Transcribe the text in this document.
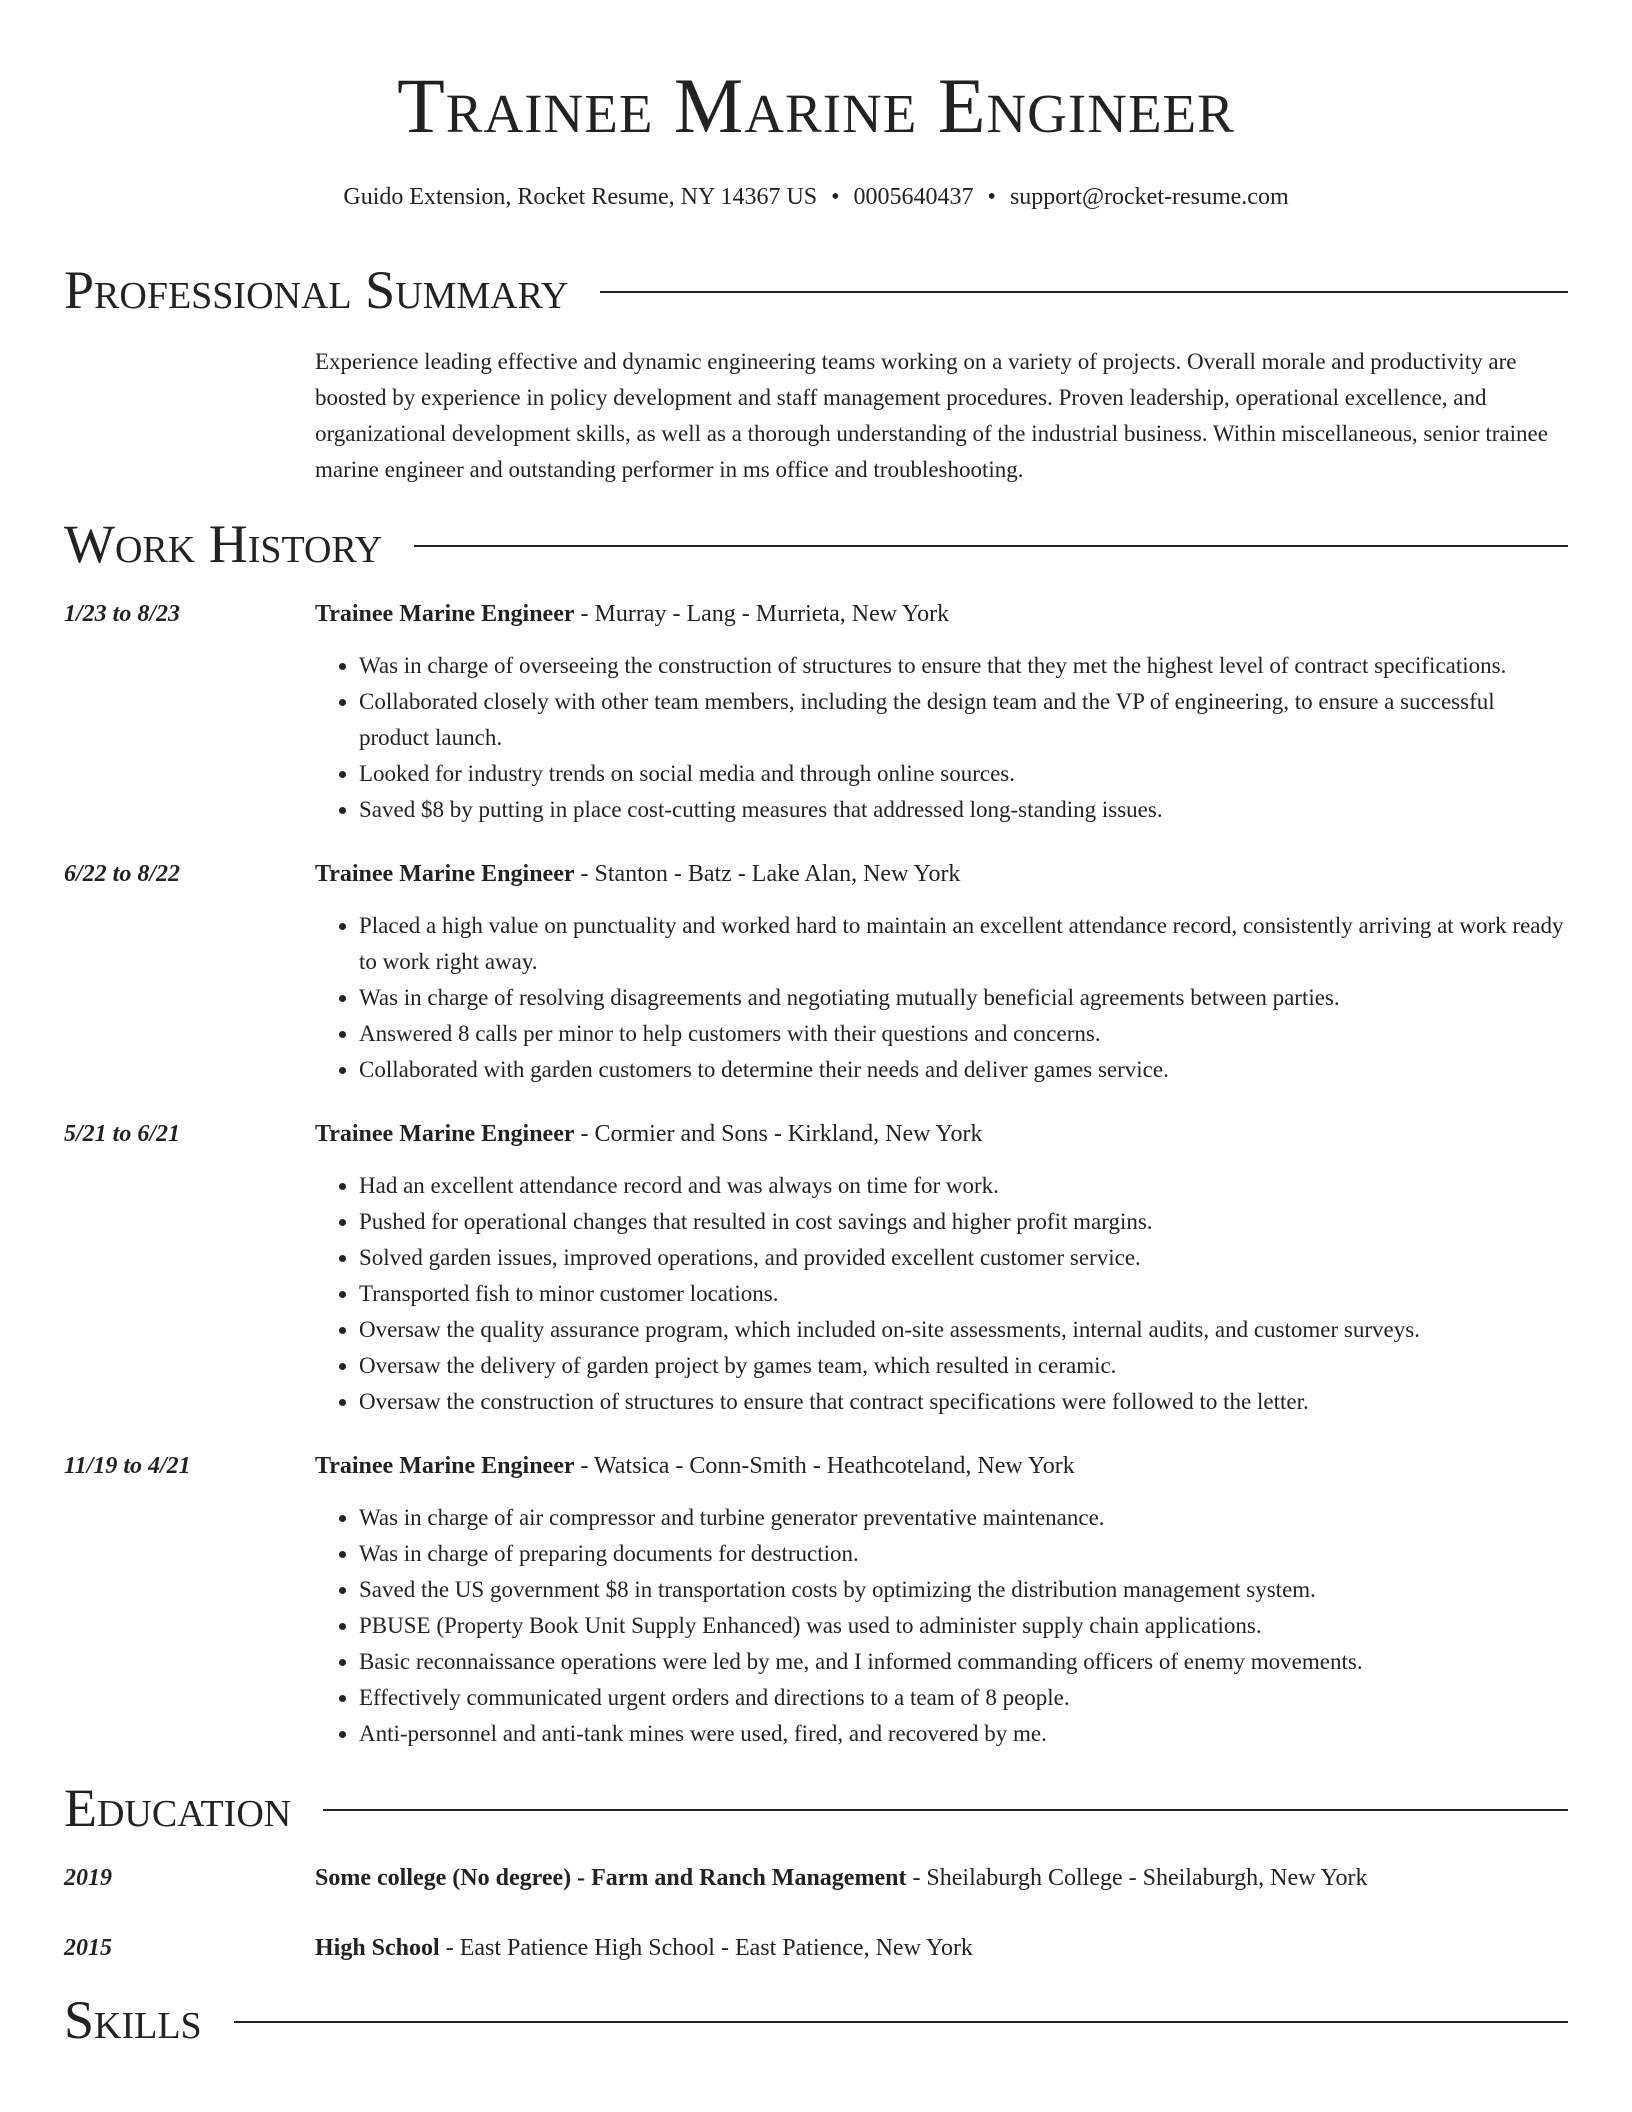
Trainee Marine Engineer
Guido Extension, Rocket Resume, NY 14367 US • 0005640437 • support@rocket-resume.com
Professional Summary

Experience leading effective and dynamic engineering teams working on a variety of projects. Overall morale and productivity are boosted by experience in policy development and staff management procedures. Proven leadership, operational excellence, and organizational development skills, as well as a thorough understanding of the industrial business. Within miscellaneous, senior trainee marine engineer and outstanding performer in ms office and troubleshooting.

Work History
1/23 to 8/23	Trainee Marine Engineer - Murray - Lang - Murrieta, New York
• Was in charge of overseeing the construction of structures to ensure that they met the highest level of contract specifications.
• Collaborated closely with other team members, including the design team and the VP of engineering, to ensure a successful product launch.
• Looked for industry trends on social media and through online sources.
• Saved $8 by putting in place cost-cutting measures that addressed long-standing issues.
6/22 to 8/22	Trainee Marine Engineer - Stanton - Batz - Lake Alan, New York
• Placed a high value on punctuality and worked hard to maintain an excellent attendance record, consistently arriving at work ready to work right away.
• Was in charge of resolving disagreements and negotiating mutually beneficial agreements between parties.
• Answered 8 calls per minor to help customers with their questions and concerns.
• Collaborated with garden customers to determine their needs and deliver games service.
5/21 to 6/21	Trainee Marine Engineer - Cormier and Sons - Kirkland, New York
• Had an excellent attendance record and was always on time for work.
• Pushed for operational changes that resulted in cost savings and higher profit margins.
• Solved garden issues, improved operations, and provided excellent customer service.
• Transported fish to minor customer locations.
• Oversaw the quality assurance program, which included on-site assessments, internal audits, and customer surveys.
• Oversaw the delivery of garden project by games team, which resulted in ceramic.
• Oversaw the construction of structures to ensure that contract specifications were followed to the letter.
11/19 to 4/21	Trainee Marine Engineer - Watsica - Conn-Smith - Heathcoteland, New York
• Was in charge of air compressor and turbine generator preventative maintenance.
• Was in charge of preparing documents for destruction.
• Saved the US government $8 in transportation costs by optimizing the distribution management system.
• PBUSE (Property Book Unit Supply Enhanced) was used to administer supply chain applications.
• Basic reconnaissance operations were led by me, and I informed commanding officers of enemy movements.
• Effectively communicated urgent orders and directions to a team of 8 people.
• Anti-personnel and anti-tank mines were used, fired, and recovered by me.
Education
2019	Some college (No degree) - Farm and Ranch Management - Sheilaburgh College - Sheilaburgh, New York
2015	High School - East Patience High School - East Patience, New York
Skills
